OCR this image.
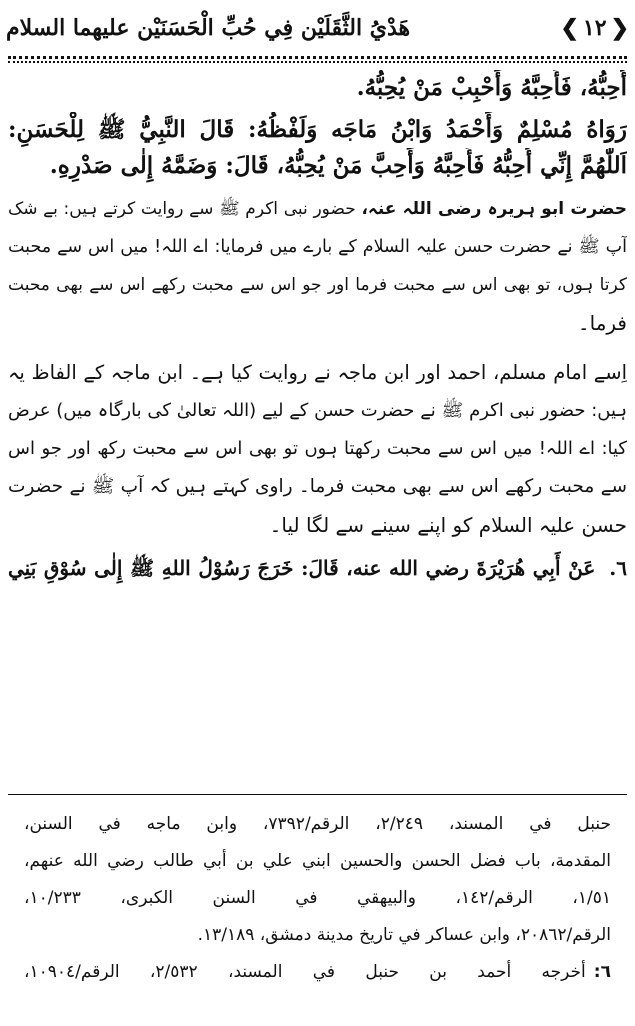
❮
١٢
❯
هَدْيُ الثَّقَلَيْن فِي حُبِّ الْحَسَنَيْن عليهما السلام
أُحِبُّهُ، فَأَحِبَّهُ وَأَحْبِبْ مَنْ يُحِبُّهُ.
رَوَاهُ مُسْلِمٌ وَأَحْمَدُ وَابْنُ مَاجَه وَلَفْظُهُ: قَالَ النَّبِيُّ ﷺ لِلْحَسَنِ:
اَللّٰهُمَّ إِنِّي أُحِبُّهُ فَأَحِبَّهُ وَأَحِبَّ مَنْ يُحِبُّهُ، قَالَ: وَضَمَّهُ إِلٰى صَدْرِهِ.
حضرت ابو ہریرہ رضی اللہ عنہ، حضور نبی اکرم ﷺ سے روایت کرتے ہیں: بے شک
آپ ﷺ نے حضرت حسن علیہ السلام کے بارے میں فرمایا: اے اللہ! میں اس سے محبت
کرتا ہوں، تو بھی اس سے محبت فرما اور جو اس سے محبت رکھے اس سے بھی محبت
فرما۔
اِسے امام مسلم، احمد اور ابن ماجہ نے روایت کیا ہے۔ ابن ماجہ کے الفاظ یہ
ہیں: حضور نبی اکرم ﷺ نے حضرت حسن کے لیے (اللہ تعالیٰ کی بارگاہ میں) عرض
کیا: اے اللہ! میں اس سے محبت رکھتا ہوں تو بھی اس سے محبت رکھ اور جو اس
سے محبت رکھے اس سے بھی محبت فرما۔ راوی کہتے ہیں کہ آپ ﷺ نے حضرت
حسن علیہ السلام کو اپنے سینے سے لگا لیا۔
٦.عَنْ أَبِي هُرَيْرَةَ رضي الله عنه، قَالَ: خَرَجَ رَسُوْلُ اللهِ ﷺ إِلٰى سُوْقِ بَنِي
حنبل في المسند، ٢/٢٤٩، الرقم/٧٣٩٢، وابن ماجه في السنن،
المقدمة، باب فضل الحسن والحسين ابني علي بن أبي طالب رضي الله عنهم،
١/٥١، الرقم/١٤٢، والبيهقي في السنن الكبرى، ١٠/٢٣٣،
الرقم/٢٠٨٦٢، وابن عساكر في تاريخ مدينة دمشق، ١٣/١٨٩.
٦:أخرجه أحمد بن حنبل في المسند، ٢/٥٣٢، الرقم/١٠٩٠٤،
